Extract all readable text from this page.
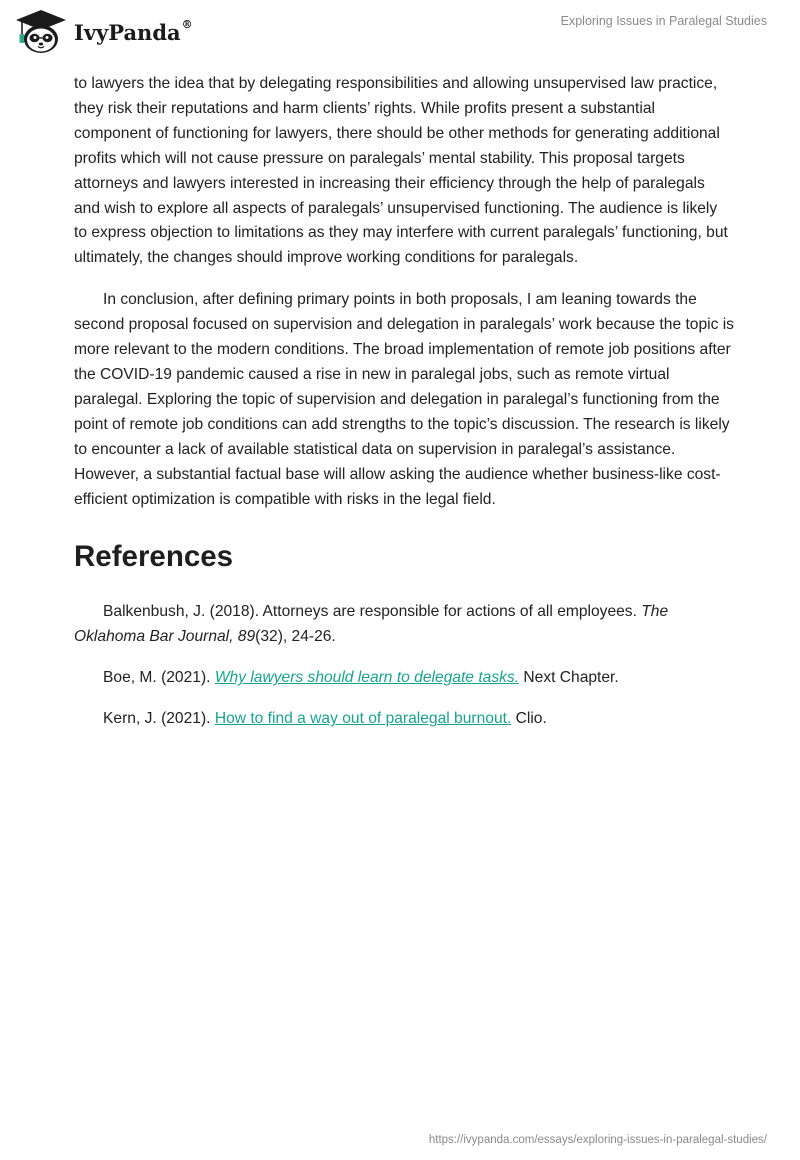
IvyPanda®	Exploring Issues in Paralegal Studies

to lawyers the idea that by delegating responsibilities and allowing unsupervised law practice, they risk their reputations and harm clients’ rights. While profits present a substantial component of functioning for lawyers, there should be other methods for generating additional profits which will not cause pressure on paralegals’ mental stability. This proposal targets attorneys and lawyers interested in increasing their efficiency through the help of paralegals and wish to explore all aspects of paralegals’ unsupervised functioning. The audience is likely to express objection to limitations as they may interfere with current paralegals’ functioning, but ultimately, the changes should improve working conditions for paralegals.

In conclusion, after defining primary points in both proposals, I am leaning towards the second proposal focused on supervision and delegation in paralegals’ work because the topic is more relevant to the modern conditions. The broad implementation of remote job positions after the COVID-19 pandemic caused a rise in new in paralegal jobs, such as remote virtual paralegal. Exploring the topic of supervision and delegation in paralegal’s functioning from the point of remote job conditions can add strengths to the topic’s discussion. The research is likely to encounter a lack of available statistical data on supervision in paralegal’s assistance. However, a substantial factual base will allow asking the audience whether business-like cost-efficient optimization is compatible with risks in the legal field.

References

Balkenbush, J. (2018). Attorneys are responsible for actions of all employees. The Oklahoma Bar Journal, 89(32), 24-26.

Boe, M. (2021). Why lawyers should learn to delegate tasks. Next Chapter.

Kern, J. (2021). How to find a way out of paralegal burnout. Clio.

https://ivypanda.com/essays/exploring-issues-in-paralegal-studies/
